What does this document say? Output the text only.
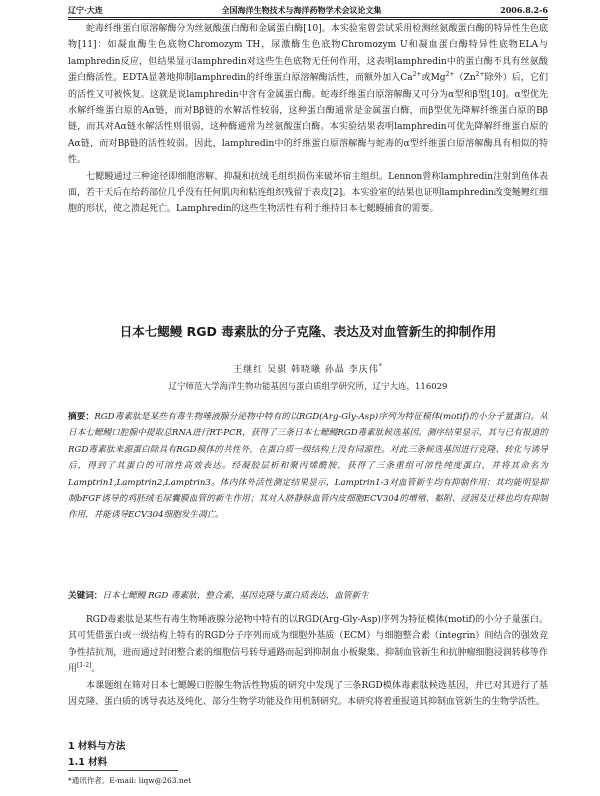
辽宁·大连	全国海洋生物技术与海洋药物学术会议论文集	2006.8.2-6

蛇毒纤维蛋白原溶解酶分为丝氨酸蛋白酶和金属蛋白酶[10]。本实验室曾尝试采用检测丝氨酸蛋白酶的特异性生色底物[11]：如凝血酶生色底物Chromozym TH，尿激酶生色底物Chromozym U和凝血蛋白酶特异性底物ELA与lamphredin反应，但结果显示lamphredin对这些生色底物无任何作用，这表明lamphredin中的蛋白酶不具有丝氨酸蛋白酶活性。EDTA显著地抑制lamphredin的纤维蛋白原溶解酶活性，而额外加入$Ca^{2+}$或$Mg^{2+}(Zn^{2+}$除外）后，它们的活性又可被恢复。这就是说lamphredin中含有金属蛋白酶。蛇毒纤维蛋白原溶解酶又可分为α型和β型[10]。α型优先水解纤维蛋白原的Aα链，而对Bβ链的水解活性较弱，这种蛋白酶通常是金属蛋白酶，而β型优先降解纤维蛋白原的Bβ链，而其对Aα链水解活性则很弱，这种酶通常为丝氨酸蛋白酶。本实验结果表明lamphredin可优先降解纤维蛋白原的Aα链，而对Bβ链的活性较弱。因此，lamphredin中的纤维蛋白原溶解酶与蛇毒的α型纤维蛋白原溶解酶具有相似的特性。

七鳃鳗通过三种途径即细胞溶解、抑凝和抗绒毛组织损伤来破坏宿主组织。Lennon曾称lamphredin注射到鱼体表面，若干天后在给药部位几乎没有任何肌肉和粘连组织残留于表皮[2]。本实验室的结果也证明lamphredin改变鲢鲤红细胞的形状，使之溃起死亡。Lamphredin的这些生物活性有利于维持日本七鳃鳗捕食的需要。

日本七鳃鳗 RGD 毒素肽的分子克隆、表达及对血管新生的抑制作用
王继红 吴骐 韩晓曦 孙晶 李庆伟*
辽宁师范大学海洋生物功能基因与蛋白质组学研究所，辽宁大连，116029
摘要：RGD毒素肽是某些有毒生物唾液腺分泌物中特有的以RGD(Arg-Gly-Asp)序列为特征模体(motif)的小分子量蛋白。从日本七鳃鳗口腔腺中提取总RNA进行RT-PCR，获得了三条日本七鳃鳗RGD毒素肽候选基因。测序结果显示，其与已有报道的RGD毒素肽来源蛋白除具有RGD模体的共性外，在蛋白质一级结构上没有同源性。对此三条候选基因进行克隆、转化与诱导后，得到了其蛋白的可溶性高效表达。经凝胶层析和聚丙烯酰胺，获得了三条重组可溶性纯度蛋白，并将其命名为Lamptrin1,Lamptrin2,Lamptrin3。体内体外活性测定结果显示，Lamptrin1-3对血管新生均有抑制作用：其均能明显抑制bFGF诱导的鸡胚绒毛尿囊膜血管的新生作用；其对人脐静脉血管内皮细胞ECV304的增殖、黏附、浸润及迁移也均有抑制作用，并能诱导ECV304细胞发生凋亡。
关键词：日本七鳃鳗 RGD 毒素肽，整合素，基因克隆与蛋白质表达，血管新生

RGD毒素肽是某些有毒生物唾液腺分泌物中特有的以RGD(Arg-Gly-Asp)序列为特征模体(motif)的小分子量蛋白。其可凭借蛋白或一级结构上特有的RGD分子序列而成为细胞外基质（ECM）与细胞整合素（integrin）间结合的强效竞争性拮抗剂，进而通过封闭整合素的细胞信号转导通路而起到抑制血小板聚集、抑制血管新生和抗肿瘤细胞浸润转移等作用[1-2]。

本课题组在筛对日本七鳃鳗口腔腺生物活性物质的研究中发现了三条RGD模体毒素肽候选基因，并已对其进行了基因克隆、蛋白质的诱导表达及纯化、部分生物学功能及作用机制研究。本研究将着重报道其抑制血管新生的生物学活性。

1 材料与方法
1.1 材料
*通讯作者。E-mail: liqw@263.net
